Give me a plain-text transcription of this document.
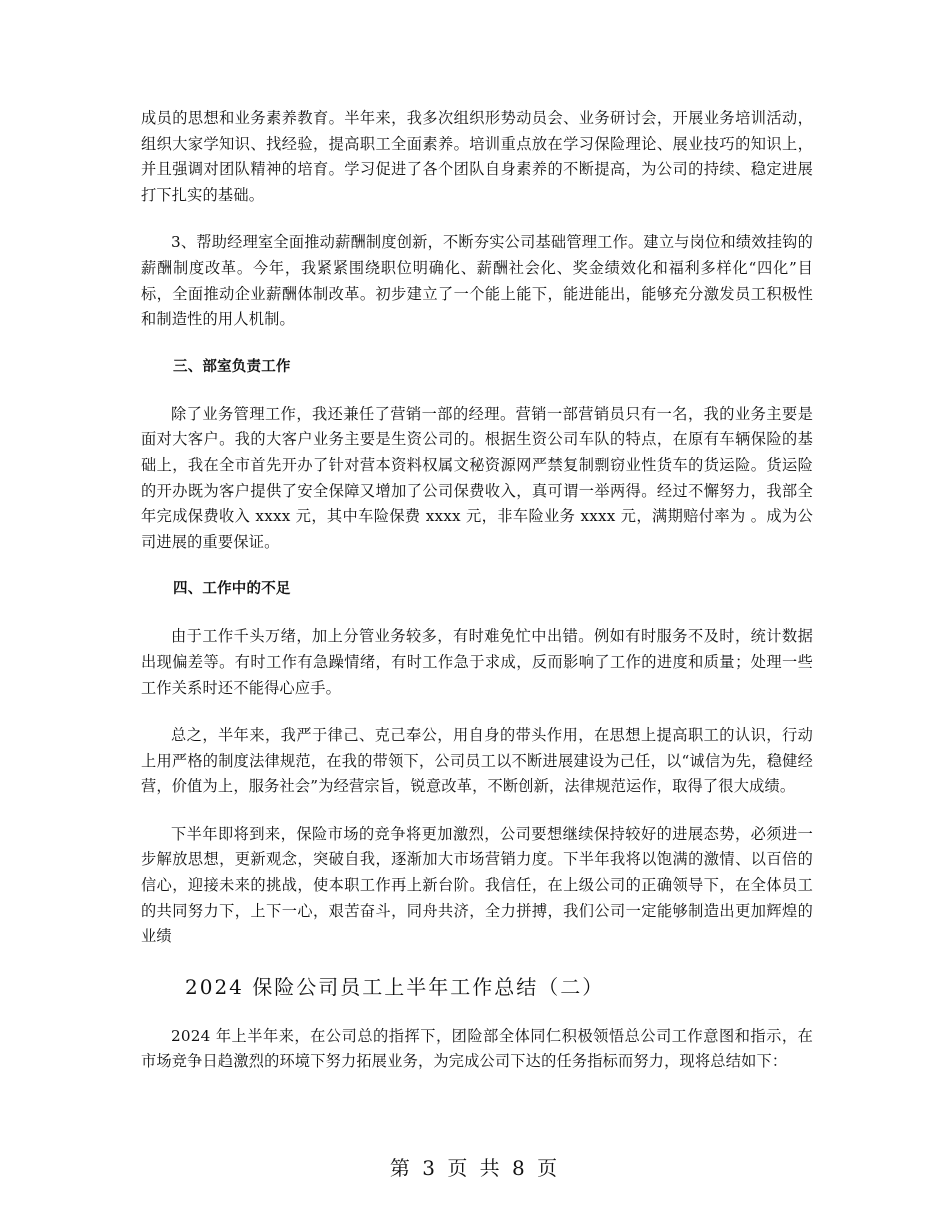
成员的思想和业务素养教育。半年来，我多次组织形势动员会、业务研讨会，开展业务培训活动，组织大家学知识、找经验，提高职工全面素养。培训重点放在学习保险理论、展业技巧的知识上，并且强调对团队精神的培育。学习促进了各个团队自身素养的不断提高，为公司的持续、稳定进展打下扎实的基础。

3、帮助经理室全面推动薪酬制度创新，不断夯实公司基础管理工作。建立与岗位和绩效挂钩的薪酬制度改革。今年，我紧紧围绕职位明确化、薪酬社会化、奖金绩效化和福利多样化“四化”目标，全面推动企业薪酬体制改革。初步建立了一个能上能下，能进能出，能够充分激发员工积极性和制造性的用人机制。

三、部室负责工作

除了业务管理工作，我还兼任了营销一部的经理。营销一部营销员只有一名，我的业务主要是面对大客户。我的大客户业务主要是生资公司的。根据生资公司车队的特点，在原有车辆保险的基础上，我在全市首先开办了针对营本资料权属文秘资源网严禁复制剽窃业性货车的货运险。货运险的开办既为客户提供了安全保障又增加了公司保费收入，真可谓一举两得。经过不懈努力，我部全年完成保费收入 xxxx 元，其中车险保费 xxxx 元，非车险业务 xxxx 元，满期赔付率为 。成为公司进展的重要保证。

四、工作中的不足

由于工作千头万绪，加上分管业务较多，有时难免忙中出错。例如有时服务不及时，统计数据出现偏差等。有时工作有急躁情绪，有时工作急于求成，反而影响了工作的进度和质量；处理一些工作关系时还不能得心应手。

总之，半年来，我严于律己、克己奉公，用自身的带头作用，在思想上提高职工的认识，行动上用严格的制度法律规范，在我的带领下，公司员工以不断进展建设为己任，以“诚信为先，稳健经营，价值为上，服务社会”为经营宗旨，锐意改革，不断创新，法律规范运作，取得了很大成绩。

下半年即将到来，保险市场的竞争将更加激烈，公司要想继续保持较好的进展态势，必须进一步解放思想，更新观念，突破自我，逐渐加大市场营销力度。下半年我将以饱满的激情、以百倍的信心，迎接未来的挑战，使本职工作再上新台阶。我信任，在上级公司的正确领导下，在全体员工的共同努力下，上下一心，艰苦奋斗，同舟共济，全力拼搏，我们公司一定能够制造出更加辉煌的业绩

2024 保险公司员工上半年工作总结（二）

2024 年上半年来，在公司总的指挥下，团险部全体同仁积极领悟总公司工作意图和指示，在市场竞争日趋激烈的环境下努力拓展业务，为完成公司下达的任务指标而努力，现将总结如下：

第 3 页 共 8 页
